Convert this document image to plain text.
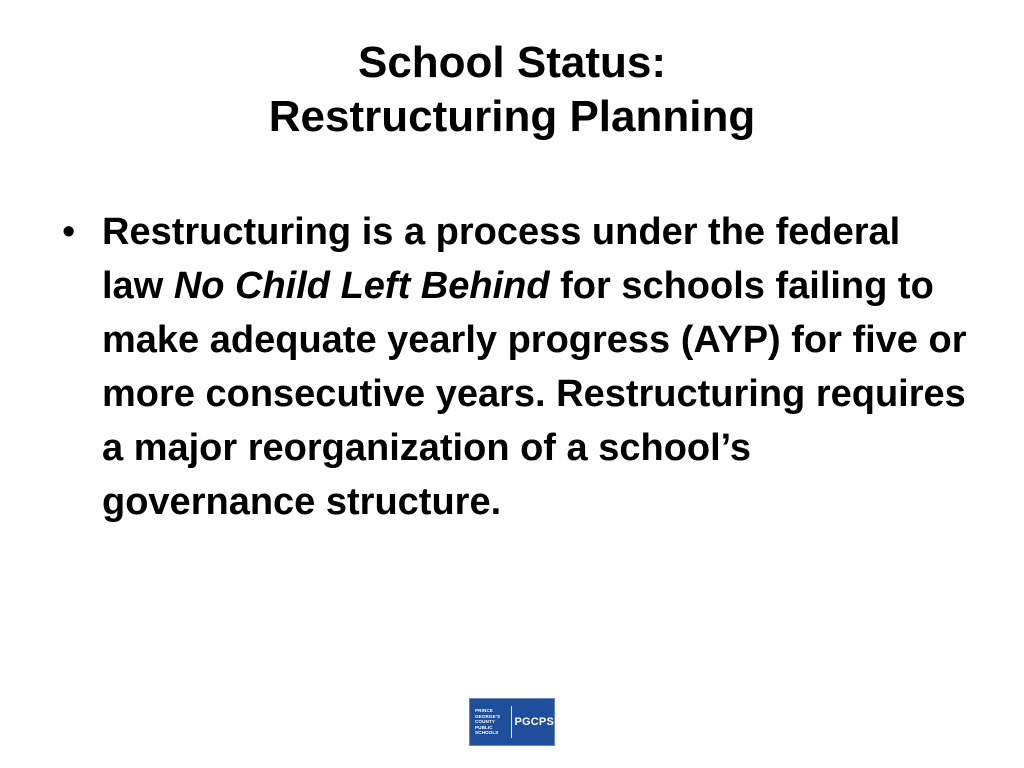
School Status:
Restructuring Planning
• Restructuring is a process under the federal law No Child Left Behind for schools failing to make adequate yearly progress (AYP) for five or more consecutive years. Restructuring requires a major reorganization of a school’s governance structure.
PRINCE
GEORGE'S
COUNTY
PUBLIC
SCHOOLS
PGCPS
